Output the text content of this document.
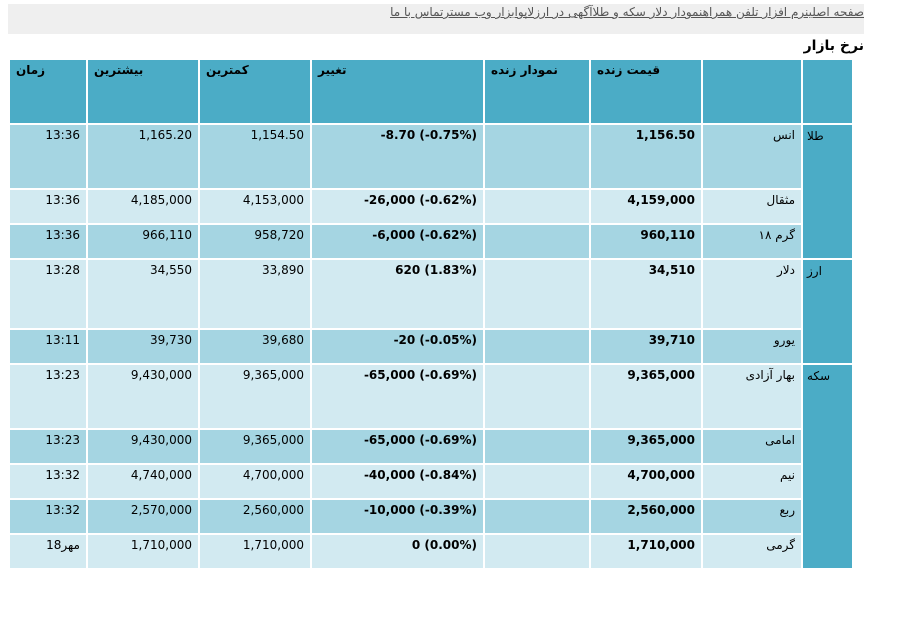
صفحه اصلینرم افزار تلفن همراهنمودار دلار سکه و طلاآگهی در ارزلاپوابزار وب مسترتماس با ما
نرخ بازار
زمان	بیشترین	کمترین	تغییر	نمودار زنده	قیمت زنده		
13:36	1,165.20	1,154.50	-8.70 (-0.75%)		1,156.50	انس	طلا
13:36	4,185,000	4,153,000	-26,000 (-0.62%)		4,159,000	مثقال	
13:36	966,110	958,720	-6,000 (-0.62%)		960,110	گرم ۱۸	
13:28	34,550	33,890	620 (1.83%)		34,510	دلار	ارز
13:11	39,730	39,680	-20 (-0.05%)		39,710	یورو	
13:23	9,430,000	9,365,000	-65,000 (-0.69%)		9,365,000	بهار آزادی	سکه
13:23	9,430,000	9,365,000	-65,000 (-0.69%)		9,365,000	امامی	
13:32	4,740,000	4,700,000	-40,000 (-0.84%)		4,700,000	نیم	
13:32	2,570,000	2,560,000	-10,000 (-0.39%)		2,560,000	ربع	
18مهر	1,710,000	1,710,000	0 (0.00%)		1,710,000	گرمی	
